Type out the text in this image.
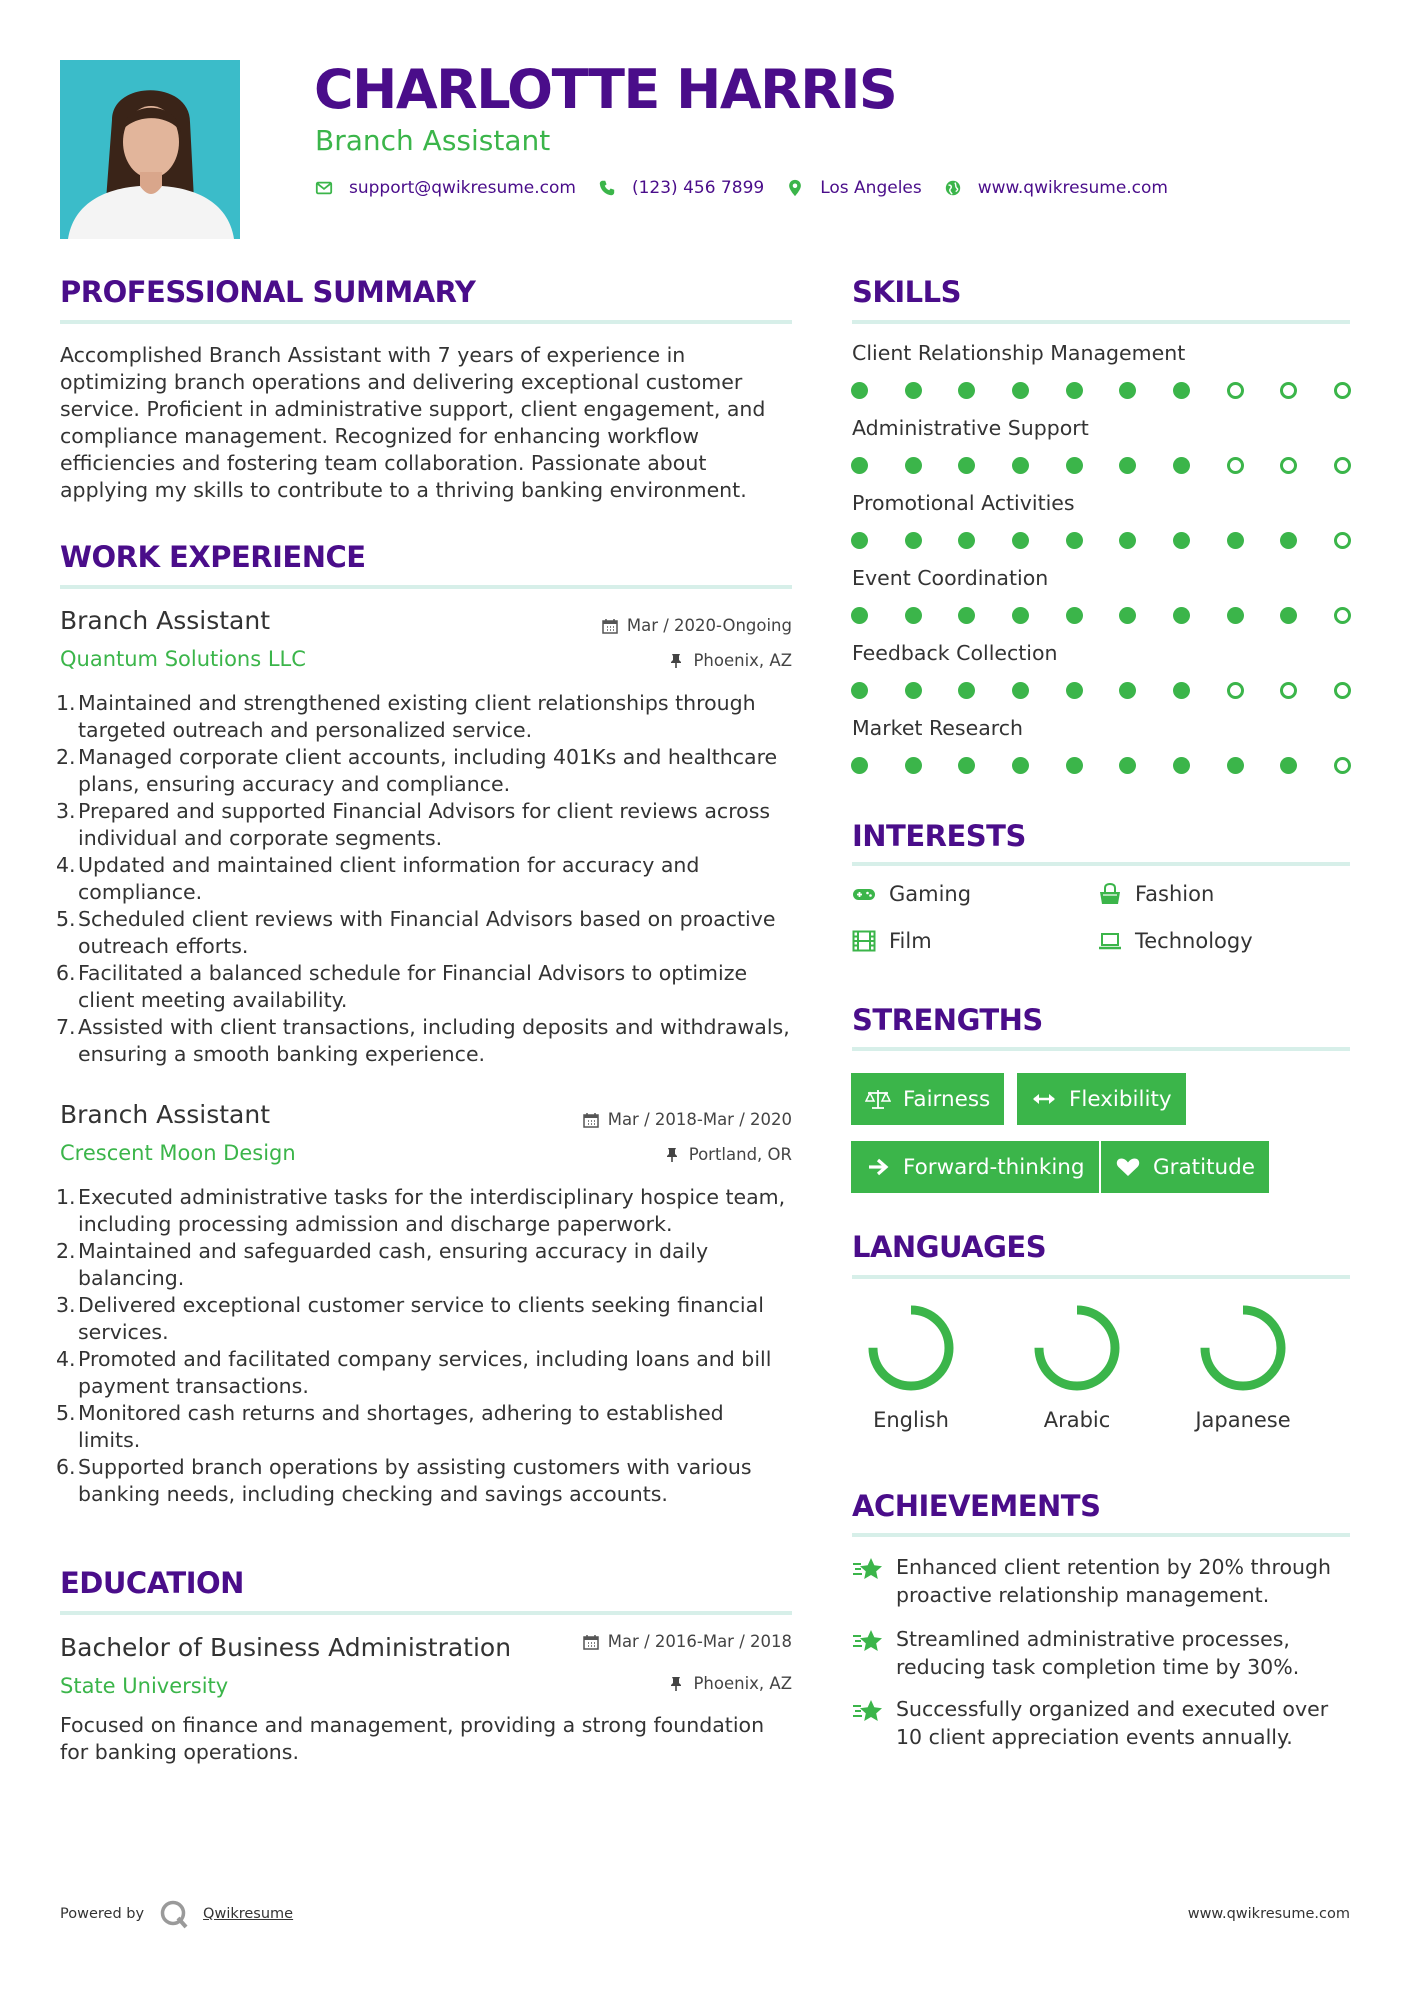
CHARLOTTE HARRIS
Branch Assistant
support@qwikresume.com	(123) 456 7899	Los Angeles	www.qwikresume.com
PROFESSIONAL SUMMARY
Accomplished Branch Assistant with 7 years of experience in optimizing branch operations and delivering exceptional customer service. Proficient in administrative support, client engagement, and compliance management. Recognized for enhancing workflow efficiencies and fostering team collaboration. Passionate about applying my skills to contribute to a thriving banking environment.
WORK EXPERIENCE
Branch Assistant
Quantum Solutions LLC
Mar / 2020-Ongoing
Phoenix, AZ
1. Maintained and strengthened existing client relationships through targeted outreach and personalized service.
2. Managed corporate client accounts, including 401Ks and healthcare plans, ensuring accuracy and compliance.
3. Prepared and supported Financial Advisors for client reviews across individual and corporate segments.
4. Updated and maintained client information for accuracy and compliance.
5. Scheduled client reviews with Financial Advisors based on proactive outreach efforts.
6. Facilitated a balanced schedule for Financial Advisors to optimize client meeting availability.
7. Assisted with client transactions, including deposits and withdrawals, ensuring a smooth banking experience.
Branch Assistant
Crescent Moon Design
Mar / 2018-Mar / 2020
Portland, OR
1. Executed administrative tasks for the interdisciplinary hospice team, including processing admission and discharge paperwork.
2. Maintained and safeguarded cash, ensuring accuracy in daily balancing.
3. Delivered exceptional customer service to clients seeking financial services.
4. Promoted and facilitated company services, including loans and bill payment transactions.
5. Monitored cash returns and shortages, adhering to established limits.
6. Supported branch operations by assisting customers with various banking needs, including checking and savings accounts.
EDUCATION
Bachelor of Business Administration
State University
Mar / 2016-Mar / 2018
Phoenix, AZ
Focused on finance and management, providing a strong foundation for banking operations.
SKILLS
Client Relationship Management
Administrative Support
Promotional Activities
Event Coordination
Feedback Collection
Market Research
INTERESTS
Gaming	Fashion
Film	Technology
STRENGTHS
Fairness	Flexibility
Forward-thinking	Gratitude
LANGUAGES
English	Arabic	Japanese
ACHIEVEMENTS
Enhanced client retention by 20% through proactive relationship management.
Streamlined administrative processes, reducing task completion time by 30%.
Successfully organized and executed over 10 client appreciation events annually.
Powered by	Qwikresume	www.qwikresume.com
